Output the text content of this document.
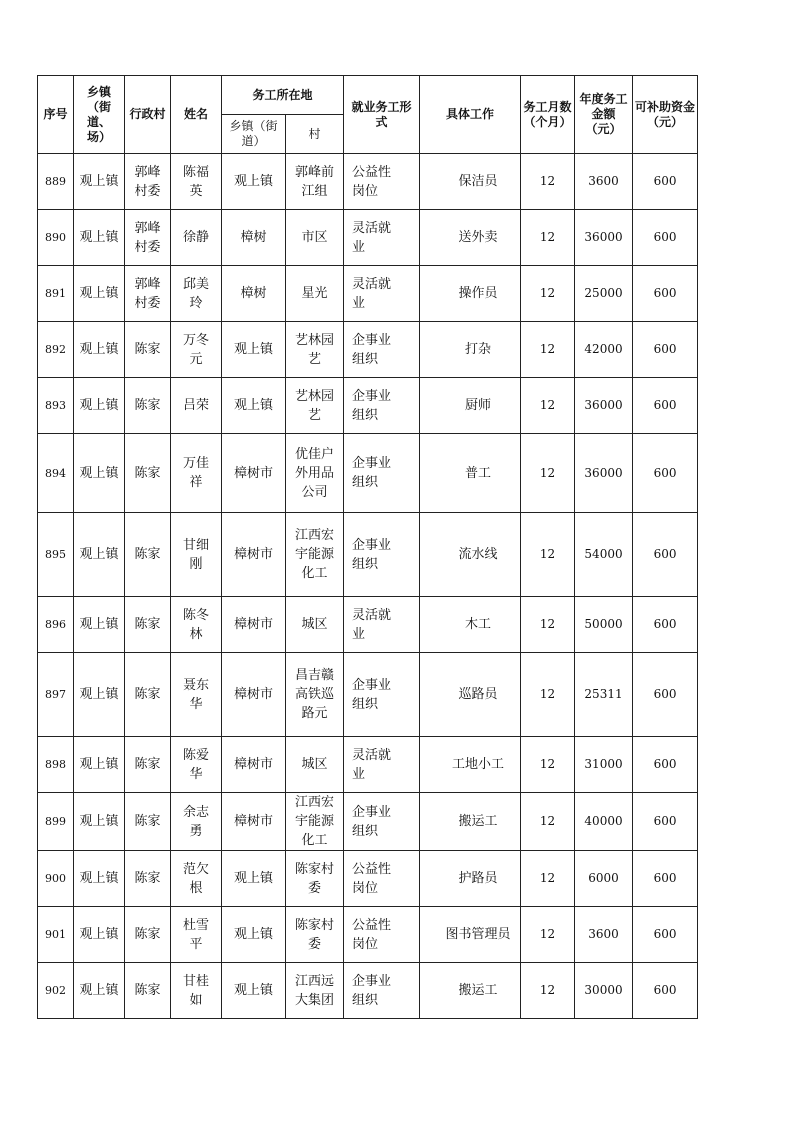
序号	乡镇（街道、场）	行政村	姓名	务工所在地		就业务工形式	具体工作	务工月数（个月）	年度务工金额（元）	可补助资金（元）
				乡镇（街道）	村					
889	观上镇	郭峰村委	陈福英	观上镇	郭峰前江组	公益性岗位	保洁员	12	3600	600
890	观上镇	郭峰村委	徐静	樟树	市区	灵活就业	送外卖	12	36000	600
891	观上镇	郭峰村委	邱美玲	樟树	星光	灵活就业	操作员	12	25000	600
892	观上镇	陈家	万冬元	观上镇	艺林园艺	企事业组织	打杂	12	42000	600
893	观上镇	陈家	吕荣	观上镇	艺林园艺	企事业组织	厨师	12	36000	600
894	观上镇	陈家	万佳祥	樟树市	优佳户外用品公司	企事业组织	普工	12	36000	600
895	观上镇	陈家	甘细刚	樟树市	江西宏宇能源化工	企事业组织	流水线	12	54000	600
896	观上镇	陈家	陈冬林	樟树市	城区	灵活就业	木工	12	50000	600
897	观上镇	陈家	聂东华	樟树市	昌吉赣高铁巡路元	企事业组织	巡路员	12	25311	600
898	观上镇	陈家	陈爱华	樟树市	城区	灵活就业	工地小工	12	31000	600
899	观上镇	陈家	余志勇	樟树市	江西宏宇能源化工	企事业组织	搬运工	12	40000	600
900	观上镇	陈家	范欠根	观上镇	陈家村委	公益性岗位	护路员	12	6000	600
901	观上镇	陈家	杜雪平	观上镇	陈家村委	公益性岗位	图书管理员	12	3600	600
902	观上镇	陈家	甘桂如	观上镇	江西远大集团	企事业组织	搬运工	12	30000	600
